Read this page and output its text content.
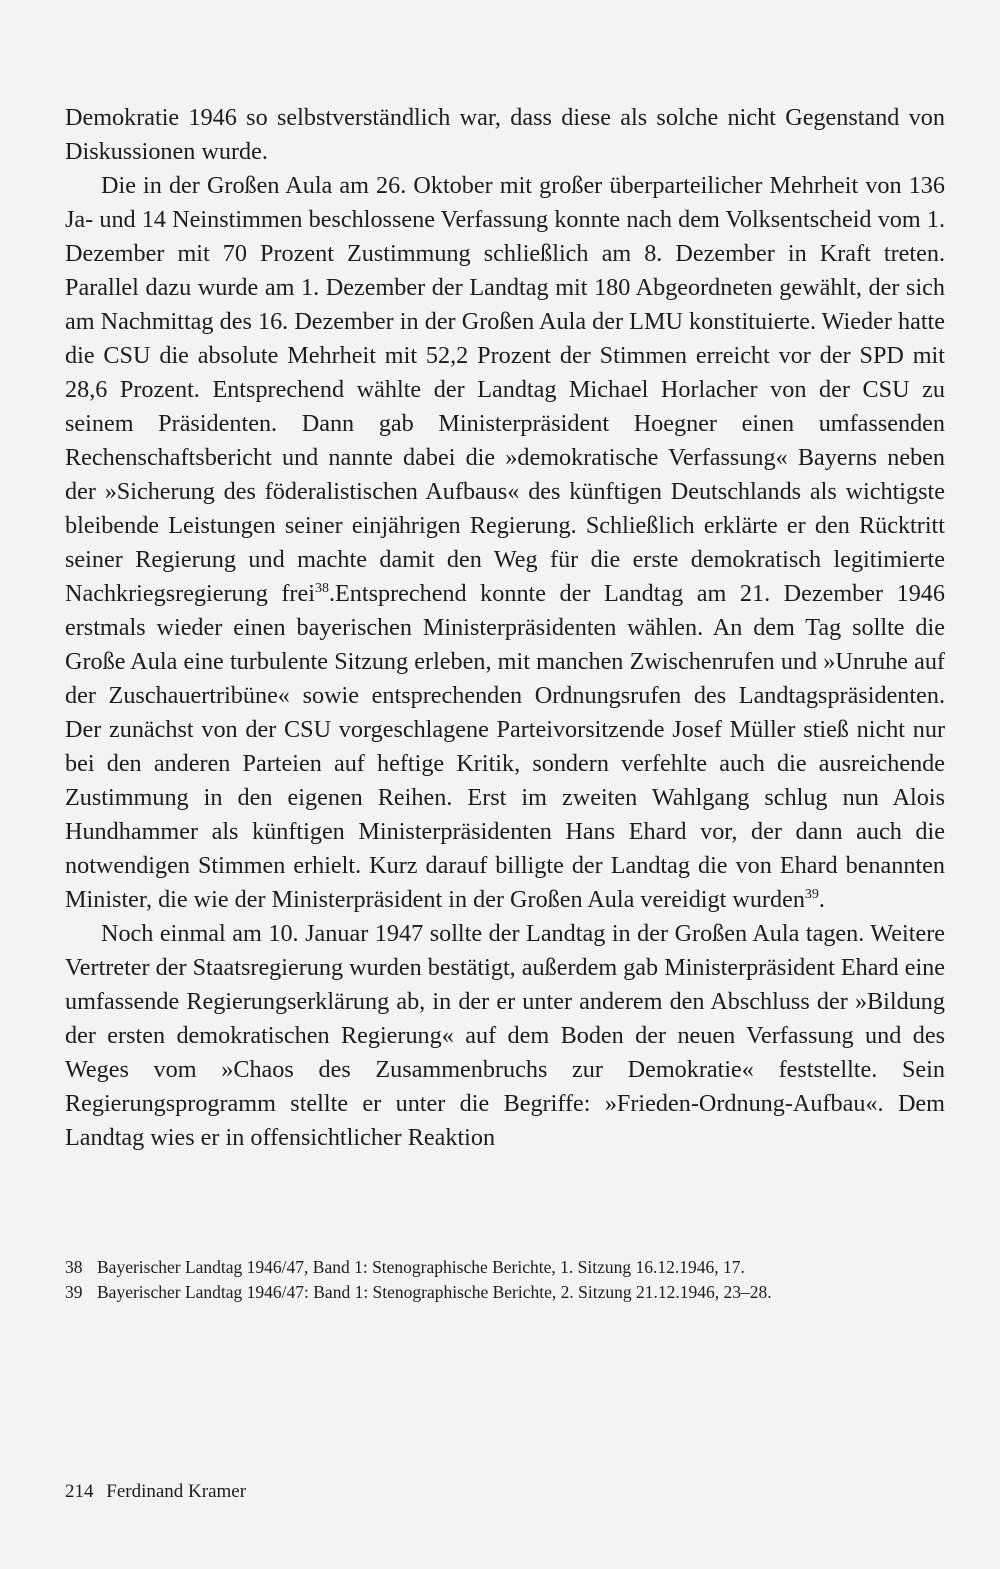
Demokratie 1946 so selbstverständlich war, dass diese als solche nicht Gegenstand von Diskussionen wurde.

Die in der Großen Aula am 26. Oktober mit großer überparteilicher Mehrheit von 136 Ja- und 14 Neinstimmen beschlossene Verfassung konnte nach dem Volksentscheid vom 1. Dezember mit 70 Prozent Zustimmung schließlich am 8. Dezember in Kraft treten. Parallel dazu wurde am 1. Dezember der Landtag mit 180 Abgeordneten gewählt, der sich am Nachmittag des 16. Dezember in der Großen Aula der LMU konstituierte. Wieder hatte die CSU die absolute Mehrheit mit 52,2 Prozent der Stimmen erreicht vor der SPD mit 28,6 Prozent. Entsprechend wählte der Landtag Michael Horlacher von der CSU zu seinem Präsidenten. Dann gab Ministerpräsident Hoegner einen umfassenden Rechenschaftsbericht und nannte dabei die »demokratische Verfassung« Bayerns neben der »Sicherung des föderalistischen Aufbaus« des künftigen Deutschlands als wichtigste bleibende Leistungen seiner einjährigen Regierung. Schließlich erklärte er den Rücktritt seiner Regierung und machte damit den Weg für die erste demokratisch legitimierte Nachkriegsregierung frei$^{38}$.Entsprechend konnte der Landtag am 21. Dezember 1946 erstmals wieder einen bayerischen Ministerpräsidenten wählen. An dem Tag sollte die Große Aula eine turbulente Sitzung erleben, mit manchen Zwischenrufen und »Unruhe auf der Zuschauertribüne« sowie entsprechenden Ordnungsrufen des Landtagspräsidenten. Der zunächst von der CSU vorgeschlagene Parteivorsitzende Josef Müller stieß nicht nur bei den anderen Parteien auf heftige Kritik, sondern verfehlte auch die ausreichende Zustimmung in den eigenen Reihen. Erst im zweiten Wahlgang schlug nun Alois Hundhammer als künftigen Ministerpräsidenten Hans Ehard vor, der dann auch die notwendigen Stimmen erhielt. Kurz darauf billigte der Landtag die von Ehard benannten Minister, die wie der Ministerpräsident in der Großen Aula vereidigt wurden$^{39}$.

Noch einmal am 10. Januar 1947 sollte der Landtag in der Großen Aula tagen. Weitere Vertreter der Staatsregierung wurden bestätigt, außerdem gab Ministerpräsident Ehard eine umfassende Regierungserklärung ab, in der er unter anderem den Abschluss der »Bildung der ersten demokratischen Regierung« auf dem Boden der neuen Verfassung und des Weges vom »Chaos des Zusammenbruchs zur Demokratie« feststellte. Sein Regierungsprogramm stellte er unter die Begriffe: »Frieden-Ordnung-Aufbau«. Dem Landtag wies er in offensichtlicher Reaktion

38 Bayerischer Landtag 1946/47, Band 1: Stenographische Berichte, 1. Sitzung 16.12.1946, 17.
39 Bayerischer Landtag 1946/47: Band 1: Stenographische Berichte, 2. Sitzung 21.12.1946, 23–28.
214 Ferdinand Kramer
